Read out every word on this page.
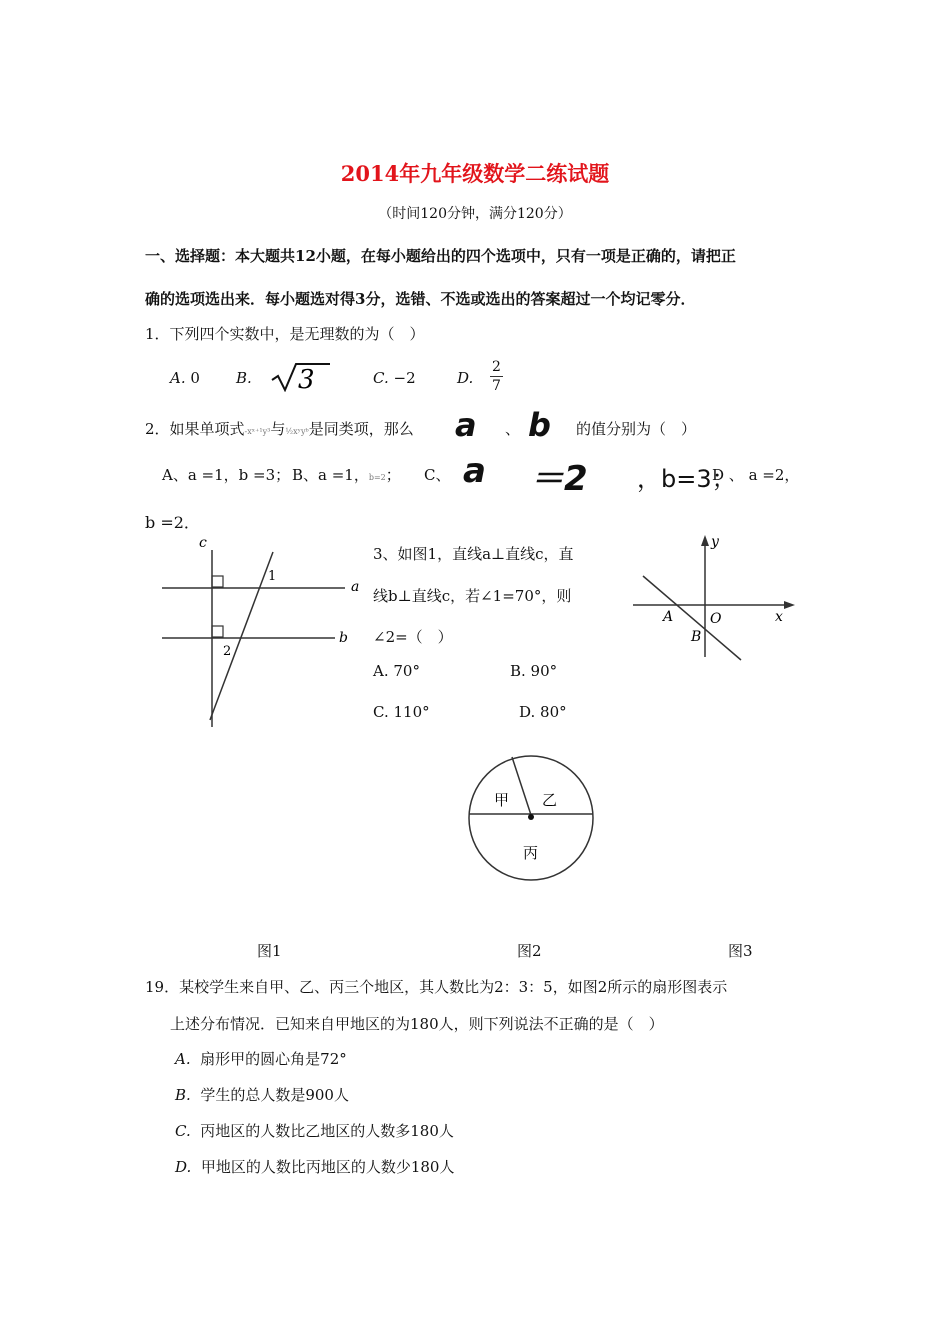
2014年九年级数学二练试题
（时间120分钟，满分120分）
一、选择题：本大题共12小题，在每小题给出的四个选项中，只有一项是正确的，请把正
确的选项选出来．每小题选对得3分，选错、不选或选出的答案超过一个均记零分．
1．下列四个实数中，是无理数的为（　）
A. 0 B. 3	C. −2	D. $\frac{2}{7}$
2．如果单项式-xˣ⁺¹y³与½xʸyᵇ是同类项，那么 a 、 b 的值分别为（　）
A、a =1，b =3； B、a =1，b=2； C、 a ＝2 ，b=3；
D 、 a =2，
b =2．
c
a
b
1
2
3、如图1，直线a⊥直线c，直
线b⊥直线c，若∠1=70°，则
∠2=（　）
A. 70°	B. 90°
C. 110°	D. 80°
y
x
A	O
B
甲 乙
丙
图1	图2	图3
19．某校学生来自甲、乙、丙三个地区，其人数比为2：3：5，如图2所示的扇形图表示
上述分布情况．已知来自甲地区的为180人，则下列说法不正确的是（　）
A. 扇形甲的圆心角是72°
B. 学生的总人数是900人
C. 丙地区的人数比乙地区的人数多180人
D. 甲地区的人数比丙地区的人数少180人
